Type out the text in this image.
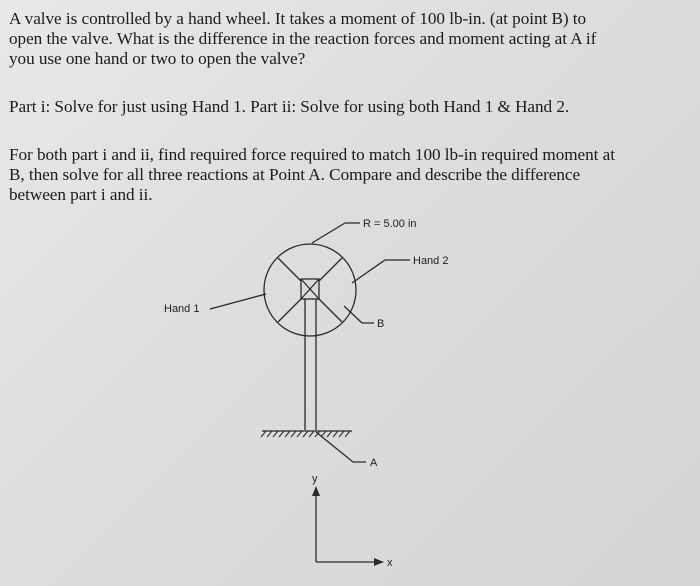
A valve is controlled by a hand wheel. It takes a moment of 100 lb-in. (at point B) to
open the valve. What is the difference in the reaction forces and moment acting at A if
you use one hand or two to open the valve?

Part i: Solve for just using Hand 1. Part ii: Solve for using both Hand 1 & Hand 2.

For both part i and ii, find required force required to match 100 lb-in required moment at
B, then solve for all three reactions at Point A. Compare and describe the difference
between part i and ii.

R = 5.00 in
Hand 2
Hand 1
B
A
y
x
